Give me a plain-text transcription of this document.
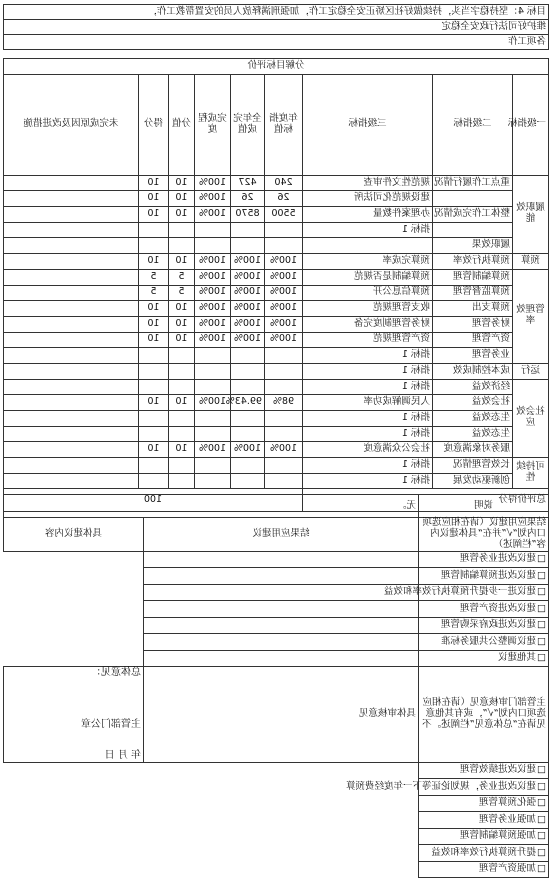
目标 4：坚持稳字当头，持续做好社区矫正安全稳定工作，加强刑满释放人员的安置帮教工作，
维护好司法行政安全稳定
各项工作
分解目标评价								
一级指标	二级指标	三级指标	年度指标值	全年完成值	完成程度	分值	得分	未完成原因及改进措施
履职效能	重点工作履行情况	规范性文件审查	240	427	100%	10	10	
		建设规范化司法所	26	26	100%	10	10	
	整体工作完成情况	办理案件数量	5500	8570	100%	10	10	
		指标 1						
	履职效果							
预算	预算执行效率	预算完成率	100%	100%	100%	10	10	
管理效率	预算编制管理	预算编制是否规范	100%	100%	100%	5	5	
	预算监督管理	预算信息公开	100%	100%	100%	5	5	
	预算支出	收支管理规范	100%	100%	100%	10	10	
	财务管理	财务管理制度完备	100%	100%	100%	10	10	
	资产管理	资产管理规范	100%	100%	100%	10	10	
	业务管理	指标 1						
运行	成本控制成效	指标 1						
社会效应	经济效益	指标 1						
	社会效益	人民调解成功率	98%	99.43%	100%	10	10	
	生态效益	指标 1						
	生态效益	指标 1						
	服务对象满意度	社会公众满意度	100%	100%	100%	10	10	
可持续性	长效管理情况	指标 1						
	创新驱动发展	指标 1						
总评价得分			100					
说明	无。	
结果应用建议（请在相应选项口内划“√”并在“具体建议内容”栏阐述）	结果应用建议	具体建议内容
□ 建议改进业务管理	
□ 建议改进预算编制管理	
□ 建议进一步提升预算执行效率和效益	
□ 建议改进资产管理	
□ 建议改进政府采购管理	
□ 建议调整公共服务标准	
□ 其他建议	
主管部门审核意见（请在相应选项口内划“√”，或有其他意见请在“总体意见”栏阐述。不	具体审核意见	总体意见：
主管部门公章
年 月 日

□ 建议改进绩效管理
□ 建议改进业务，规划论证等下一年度经费预算
□ 强化预算管理
□ 加强业务管理
□ 加强预算编制管理
□ 提升预算执行效率和效益
□ 加强资产管理
